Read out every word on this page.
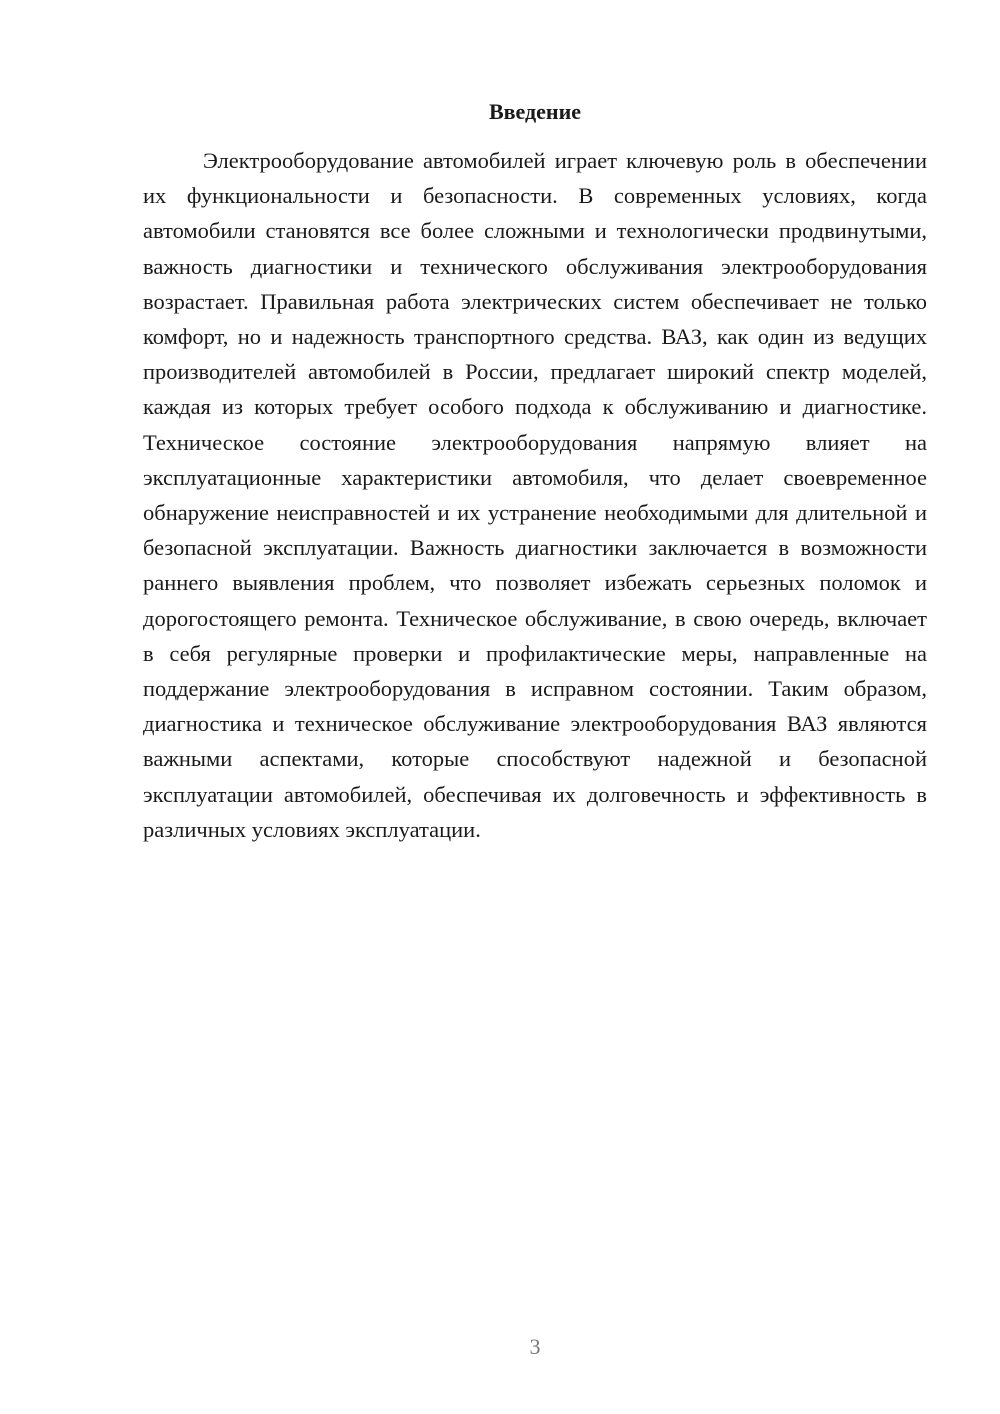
Введение

Электрооборудование автомобилей играет ключевую роль в обеспечении их функциональности и безопасности. В современных условиях, когда автомобили становятся все более сложными и технологически продвинутыми, важность диагностики и технического обслуживания электрооборудования возрастает. Правильная работа электрических систем обеспечивает не только комфорт, но и надежность транспортного средства. ВАЗ, как один из ведущих производителей автомобилей в России, предлагает широкий спектр моделей, каждая из которых требует особого подхода к обслуживанию и диагностике. Техническое состояние электрооборудования напрямую влияет на эксплуатационные характеристики автомобиля, что делает своевременное обнаружение неисправностей и их устранение необходимыми для длительной и безопасной эксплуатации. Важность диагностики заключается в возможности раннего выявления проблем, что позволяет избежать серьезных поломок и дорогостоящего ремонта. Техническое обслуживание, в свою очередь, включает в себя регулярные проверки и профилактические меры, направленные на поддержание электрооборудования в исправном состоянии. Таким образом, диагностика и техническое обслуживание электрооборудования ВАЗ являются важными аспектами, которые способствуют надежной и безопасной эксплуатации автомобилей, обеспечивая их долговечность и эффективность в различных условиях эксплуатации.

3
